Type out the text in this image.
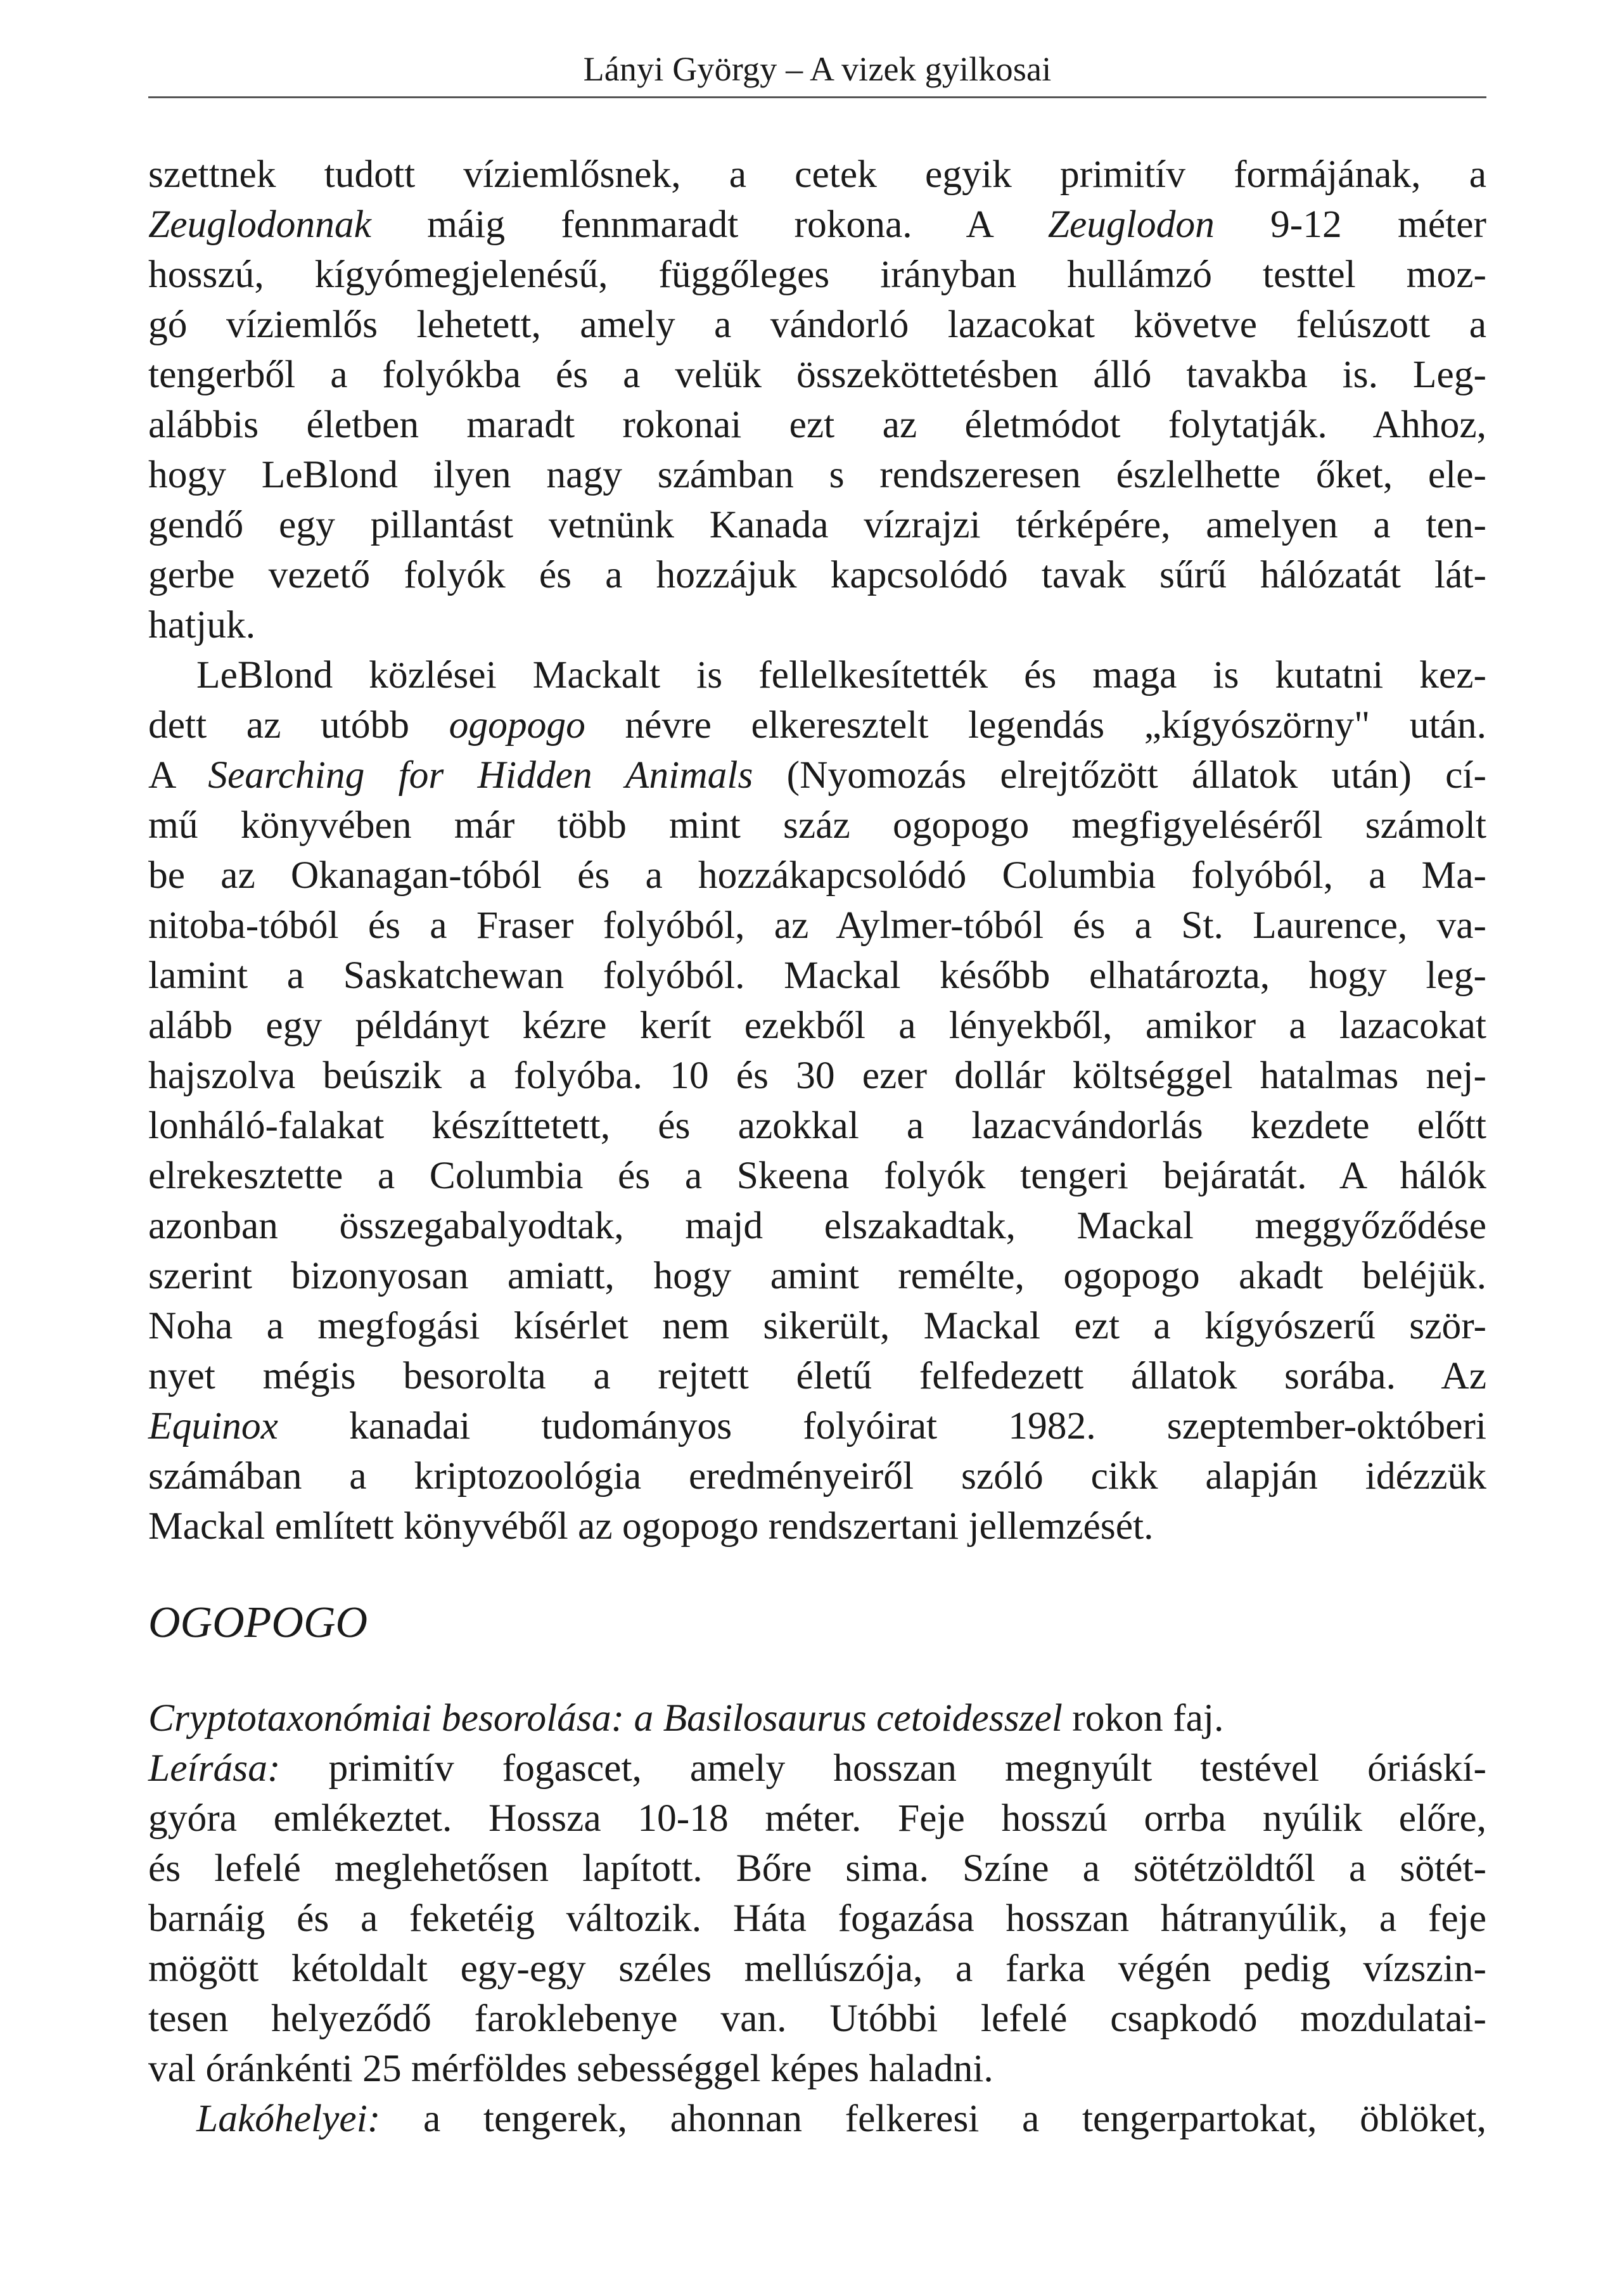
Lányi György – A vizek gyilkosai
szettnek tudott víziemlősnek, a cetek egyik primitív formájának, a
Zeuglodonnak máig fennmaradt rokona. A Zeuglodon 9-12 méter
hosszú, kígyómegjelenésű, függőleges irányban hullámzó testtel moz-
gó víziemlős lehetett, amely a vándorló lazacokat követve felúszott a
tengerből a folyókba és a velük összeköttetésben álló tavakba is. Leg-
alábbis életben maradt rokonai ezt az életmódot folytatják. Ahhoz,
hogy LeBlond ilyen nagy számban s rendszeresen észlelhette őket, ele-
gendő egy pillantást vetnünk Kanada vízrajzi térképére, amelyen a ten-
gerbe vezető folyók és a hozzájuk kapcsolódó tavak sűrű hálózatát lát-
hatjuk.
LeBlond közlései Mackalt is fellelkesítették és maga is kutatni kez-
dett az utóbb ogopogo névre elkeresztelt legendás „kígyószörny" után.
A Searching for Hidden Animals (Nyomozás elrejtőzött állatok után) cí-
mű könyvében már több mint száz ogopogo megfigyeléséről számolt
be az Okanagan-tóból és a hozzákapcsolódó Columbia folyóból, a Ma-
nitoba-tóból és a Fraser folyóból, az Aylmer-tóból és a St. Laurence, va-
lamint a Saskatchewan folyóból. Mackal később elhatározta, hogy leg-
alább egy példányt kézre kerít ezekből a lényekből, amikor a lazacokat
hajszolva beúszik a folyóba. 10 és 30 ezer dollár költséggel hatalmas nej-
lonháló-falakat készíttetett, és azokkal a lazacvándorlás kezdete előtt
elrekesztette a Columbia és a Skeena folyók tengeri bejáratát. A hálók
azonban összegabalyodtak, majd elszakadtak, Mackal meggyőződése
szerint bizonyosan amiatt, hogy amint remélte, ogopogo akadt beléjük.
Noha a megfogási kísérlet nem sikerült, Mackal ezt a kígyószerű ször-
nyet mégis besorolta a rejtett életű felfedezett állatok sorába. Az
Equinox kanadai tudományos folyóirat 1982. szeptember-októberi
számában a kriptozoológia eredményeiről szóló cikk alapján idézzük
Mackal említett könyvéből az ogopogo rendszertani jellemzését.
OGOPOGO
Cryptotaxonómiai besorolása: a Basilosaurus cetoidesszel rokon faj.
Leírása: primitív fogascet, amely hosszan megnyúlt testével óriáskí-
gyóra emlékeztet. Hossza 10-18 méter. Feje hosszú orrba nyúlik előre,
és lefelé meglehetősen lapított. Bőre sima. Színe a sötétzöldtől a sötét-
barnáig és a feketéig változik. Háta fogazása hosszan hátranyúlik, a feje
mögött kétoldalt egy-egy széles mellúszója, a farka végén pedig vízszin-
tesen helyeződő faroklebenye van. Utóbbi lefelé csapkodó mozdulatai-
val óránkénti 25 mérföldes sebességgel képes haladni.
Lakóhelyei: a tengerek, ahonnan felkeresi a tengerpartokat, öblöket,
